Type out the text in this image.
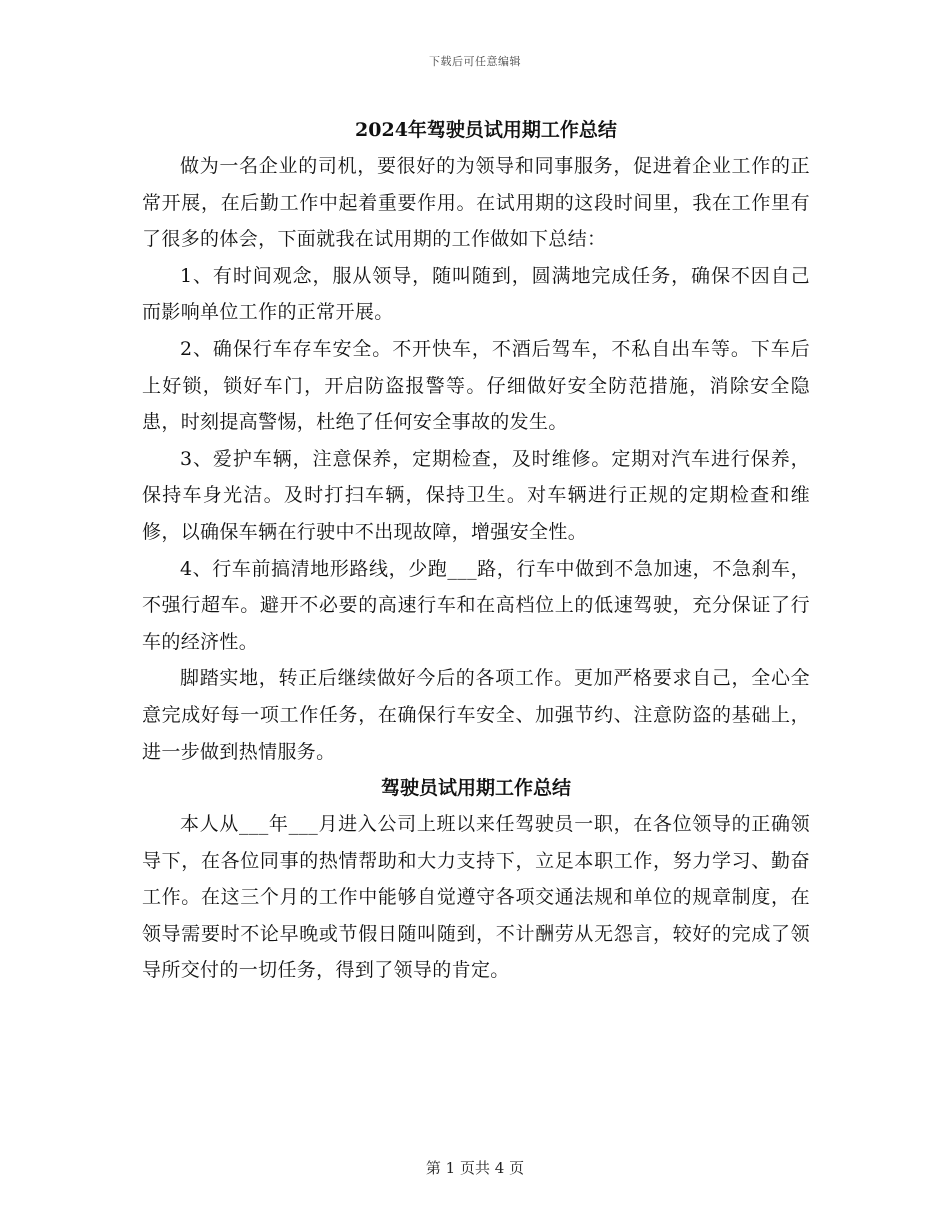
下载后可任意编辑
2024年驾驶员试用期工作总结

做为一名企业的司机，要很好的为领导和同事服务，促进着企业工作的正常开展，在后勤工作中起着重要作用。在试用期的这段时间里，我在工作里有了很多的体会，下面就我在试用期的工作做如下总结：

1、有时间观念，服从领导，随叫随到，圆满地完成任务，确保不因自己而影响单位工作的正常开展。

2、确保行车存车安全。不开快车，不酒后驾车，不私自出车等。下车后上好锁，锁好车门，开启防盗报警等。仔细做好安全防范措施，消除安全隐患，时刻提高警惕，杜绝了任何安全事故的发生。

3、爱护车辆，注意保养，定期检查，及时维修。定期对汽车进行保养，保持车身光洁。及时打扫车辆，保持卫生。对车辆进行正规的定期检查和维修，以确保车辆在行驶中不出现故障，增强安全性。

4、行车前搞清地形路线，少跑___路，行车中做到不急加速，不急刹车，不强行超车。避开不必要的高速行车和在高档位上的低速驾驶，充分保证了行车的经济性。

脚踏实地，转正后继续做好今后的各项工作。更加严格要求自己，全心全意完成好每一项工作任务，在确保行车安全、加强节约、注意防盗的基础上，进一步做到热情服务。

驾驶员试用期工作总结

本人从___年___月进入公司上班以来任驾驶员一职，在各位领导的正确领导下，在各位同事的热情帮助和大力支持下，立足本职工作，努力学习、勤奋工作。在这三个月的工作中能够自觉遵守各项交通法规和单位的规章制度，在领导需要时不论早晚或节假日随叫随到，不计酬劳从无怨言，较好的完成了领导所交付的一切任务，得到了领导的肯定。

第 1 页共 4 页
